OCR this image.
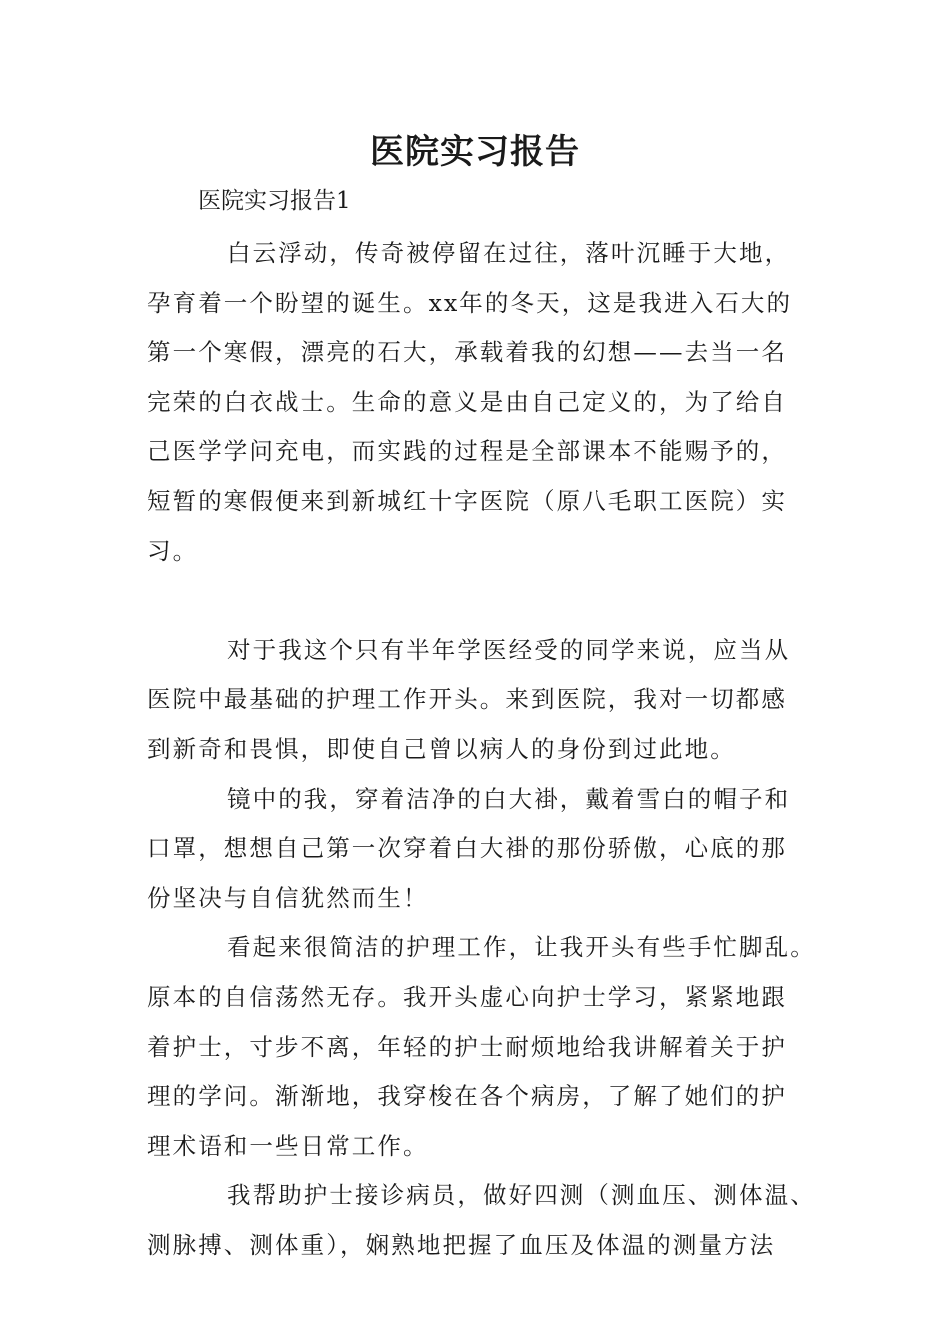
医院实习报告
医院实习报告1
白云浮动，传奇被停留在过往，落叶沉睡于大地，
孕育着一个盼望的诞生。xx年的冬天，这是我进入石大的
第一个寒假，漂亮的石大，承载着我的幻想——去当一名
完荣的白衣战士。生命的意义是由自己定义的，为了给自
己医学学问充电，而实践的过程是全部课本不能赐予的，
短暂的寒假便来到新城红十字医院（原八毛职工医院）实
习。
对于我这个只有半年学医经受的同学来说，应当从
医院中最基础的护理工作开头。来到医院，我对一切都感
到新奇和畏惧，即使自己曾以病人的身份到过此地。
镜中的我，穿着洁净的白大褂，戴着雪白的帽子和
口罩，想想自己第一次穿着白大褂的那份骄傲，心底的那
份坚决与自信犹然而生！
看起来很简洁的护理工作，让我开头有些手忙脚乱。
原本的自信荡然无存。我开头虚心向护士学习，紧紧地跟
着护士，寸步不离，年轻的护士耐烦地给我讲解着关于护
理的学问。渐渐地，我穿梭在各个病房，了解了她们的护
理术语和一些日常工作。
我帮助护士接诊病员，做好四测（测血压、测体温、
测脉搏、测体重），娴熟地把握了血压及体温的测量方法
